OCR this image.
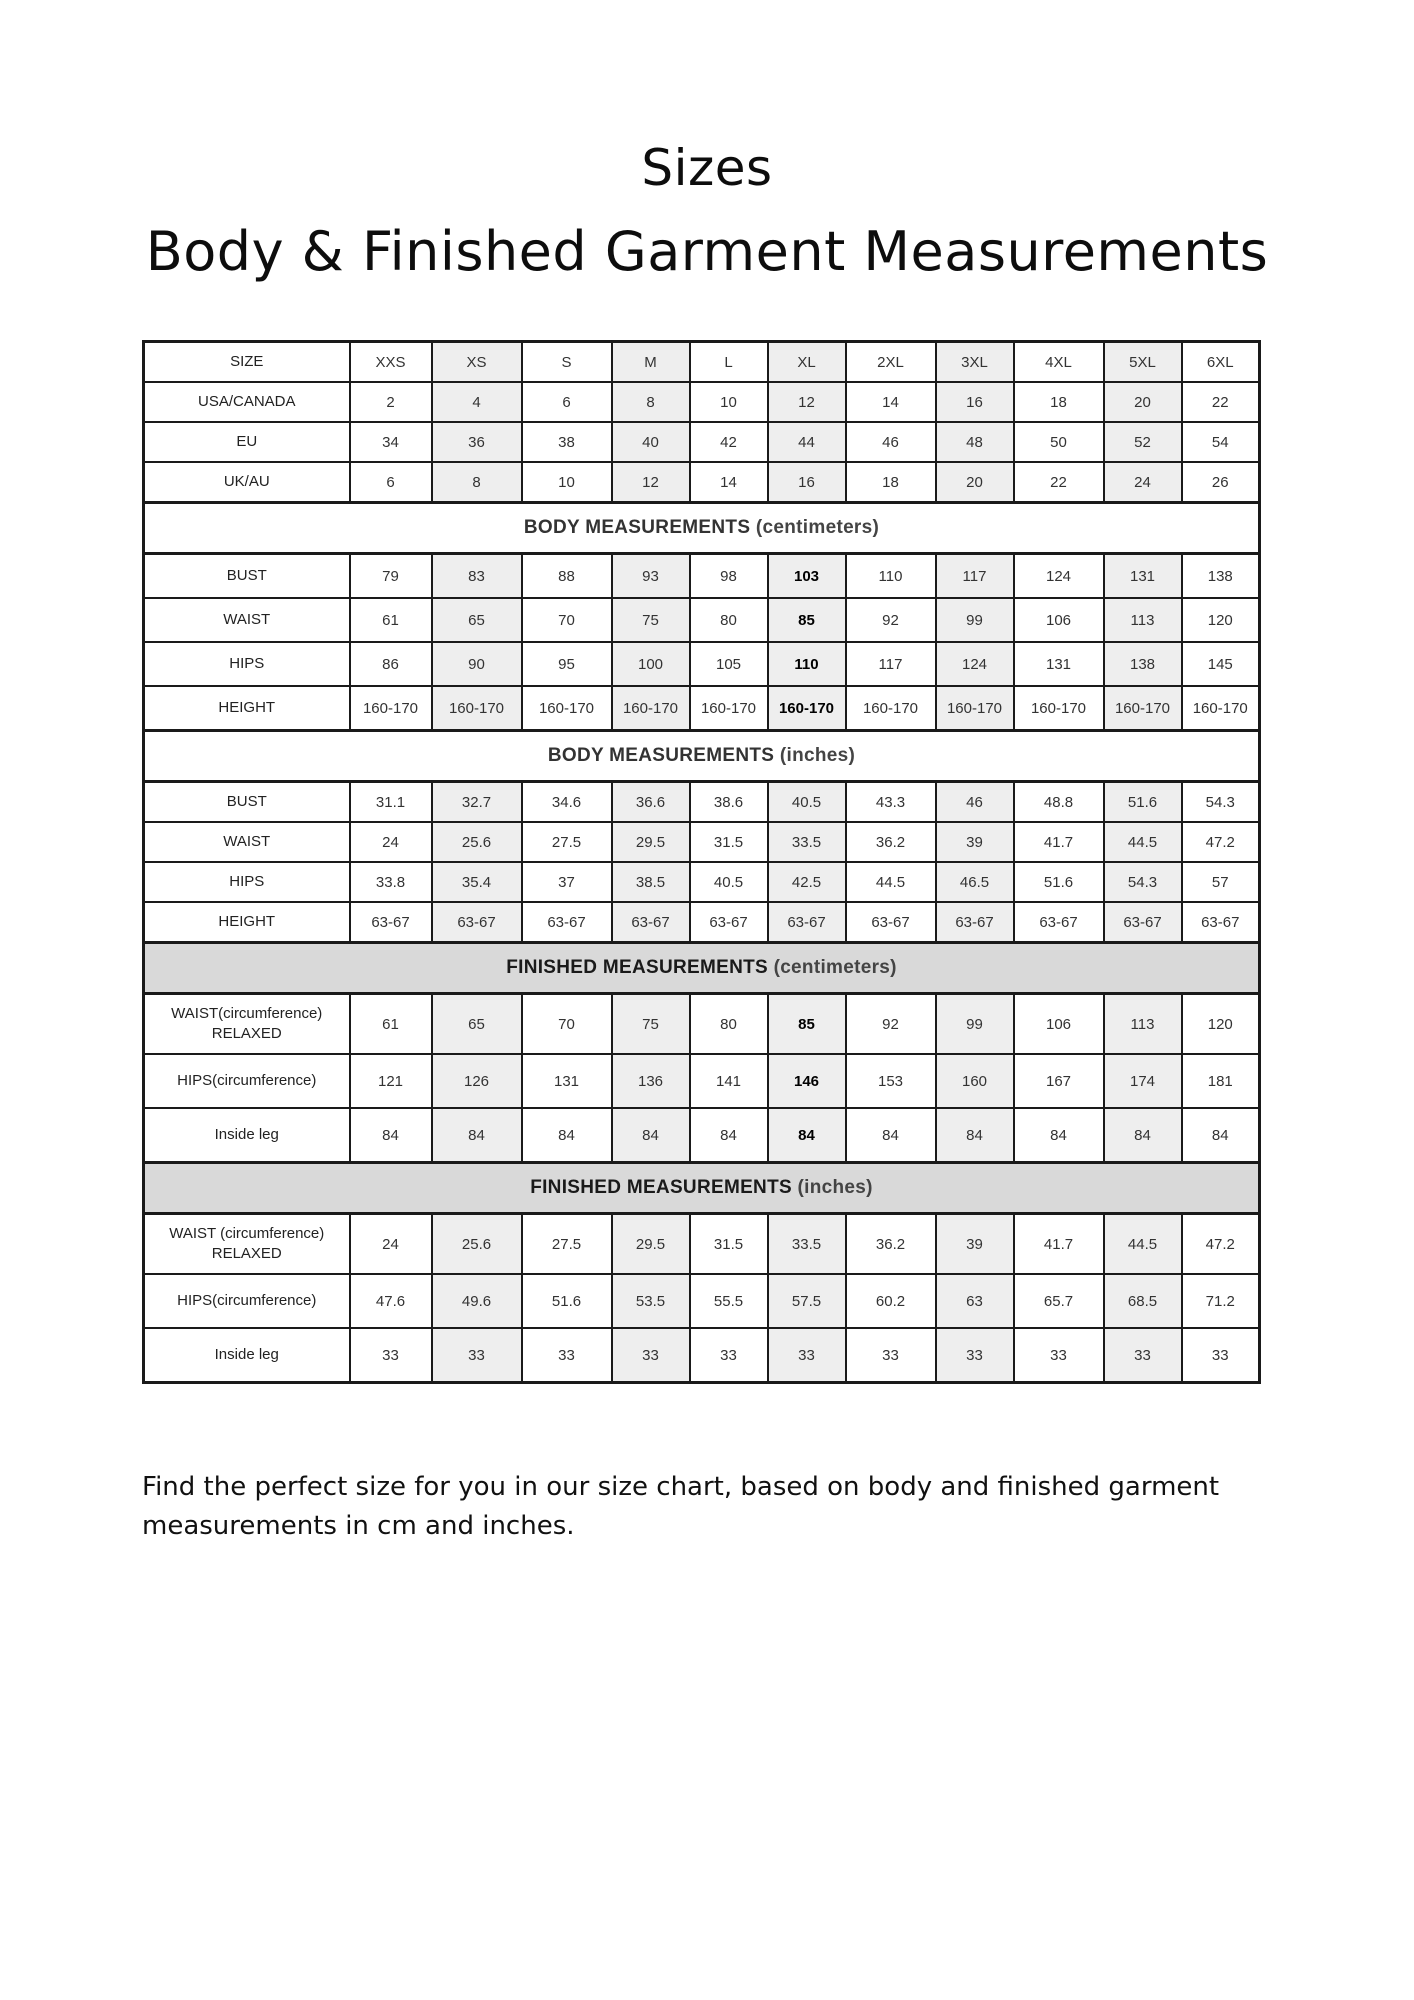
Sizes
Body & Finished Garment Measurements
SIZE	XXS	XS	S	M	L	XL	2XL	3XL	4XL	5XL	6XL
USA/CANADA	2	4	6	8	10	12	14	16	18	20	22
EU	34	36	38	40	42	44	46	48	50	52	54
UK/AU	6	8	10	12	14	16	18	20	22	24	26
BODY MEASUREMENTS (centimeters)											
BUST	79	83	88	93	98	103	110	117	124	131	138
WAIST	61	65	70	75	80	85	92	99	106	113	120
HIPS	86	90	95	100	105	110	117	124	131	138	145
HEIGHT	160-170	160-170	160-170	160-170	160-170	160-170	160-170	160-170	160-170	160-170	160-170
BODY MEASUREMENTS (inches)											
BUST	31.1	32.7	34.6	36.6	38.6	40.5	43.3	46	48.8	51.6	54.3
WAIST	24	25.6	27.5	29.5	31.5	33.5	36.2	39	41.7	44.5	47.2
HIPS	33.8	35.4	37	38.5	40.5	42.5	44.5	46.5	51.6	54.3	57
HEIGHT	63-67	63-67	63-67	63-67	63-67	63-67	63-67	63-67	63-67	63-67	63-67
FINISHED MEASUREMENTS (centimeters)											
WAIST(circumference) RELAXED	61	65	70	75	80	85	92	99	106	113	120
HIPS(circumference)	121	126	131	136	141	146	153	160	167	174	181
Inside leg	84	84	84	84	84	84	84	84	84	84	84
FINISHED MEASUREMENTS (inches)											
WAIST (circumference) RELAXED	24	25.6	27.5	29.5	31.5	33.5	36.2	39	41.7	44.5	47.2
HIPS(circumference)	47.6	49.6	51.6	53.5	55.5	57.5	60.2	63	65.7	68.5	71.2
Inside leg	33	33	33	33	33	33	33	33	33	33	33

Find the perfect size for you in our size chart, based on body and finished garment measurements in cm and inches.
